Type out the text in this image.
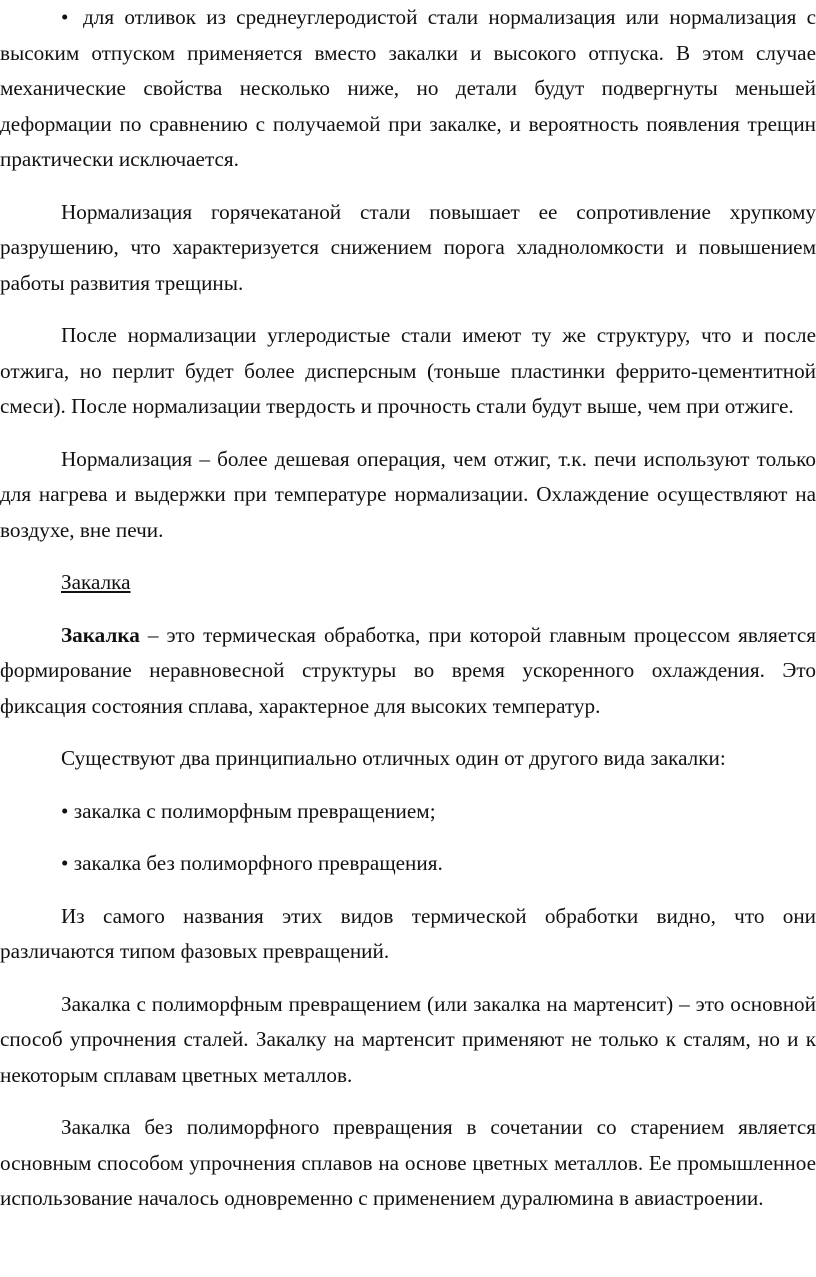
• для отливок из среднеуглеродистой стали нормализация или нормализация с высоким отпуском применяется вместо закалки и высокого отпуска. В этом случае механические свойства несколько ниже, но детали будут подвергнуты меньшей деформации по сравнению с получаемой при закалке, и вероятность появления трещин практически исключается.

Нормализация горячекатаной стали повышает ее сопротивление хрупкому разрушению, что характеризуется снижением порога хладноломкости и повышением работы развития трещины.

После нормализации углеродистые стали имеют ту же структуру, что и после отжига, но перлит будет более дисперсным (тоньше пластинки феррито-цементитной смеси). После нормализации твердость и прочность стали будут выше, чем при отжиге.

Нормализация – более дешевая операция, чем отжиг, т.к. печи используют только для нагрева и выдержки при температуре нормализации. Охлаждение осуществляют на воздухе, вне печи.

Закалка

Закалка – это термическая обработка, при которой главным процессом является формирование неравновесной структуры во время ускоренного охлаждения. Это фиксация состояния сплава, характерное для высоких температур.

Существуют два принципиально отличных один от другого вида закалки:

• закалка с полиморфным превращением;

• закалка без полиморфного превращения.

Из самого названия этих видов термической обработки видно, что они различаются типом фазовых превращений.

Закалка с полиморфным превращением (или закалка на мартенсит) – это основной способ упрочнения сталей. Закалку на мартенсит применяют не только к сталям, но и к некоторым сплавам цветных металлов.

Закалка без полиморфного превращения в сочетании со старением является основным способом упрочнения сплавов на основе цветных металлов. Ее промышленное использование началось одновременно с применением дуралюмина в авиастроении.
